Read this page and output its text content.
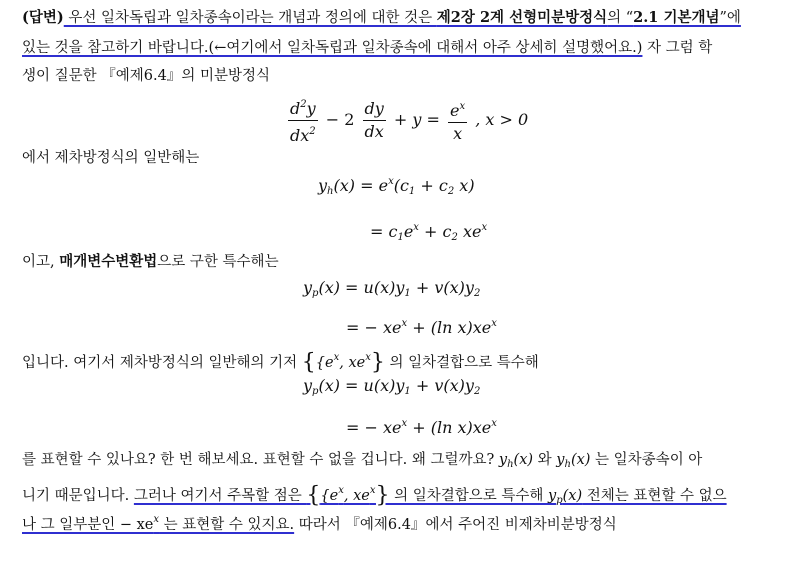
(답변) 우선 일차독립과 일차종속이라는 개념과 정의에 대한 것은 제2장 2계 선형미분방정식의 “2.1 기본개념”에
있는 것을 참고하기 바랍니다.(←여기에서 일차독립과 일차종속에 대해서 아주 상세히 설명했어요.) 자 그럼 학
생이 질문한 『예제6.4』의 미분방정식
$\frac{d^2y}{dx^2} - 2 \frac{dy}{dx} + y = \frac{e^x}{x}$ , x > 0
에서 제차방정식의 일반해는
$y_h(x) = e^x(c_1 + c_2$ x)
= $c_1e^x + c_2$ $xe^x$
이고, 매개변수변환법으로 구한 특수해는
$y_p(x) = u(x)y_1 + v(x)y_2$
= − $xe^x + (\ln$ $x)xe^x$
입니다. 여기서 제차방정식의 일반해의 기저 {{$e^x$, $xe^x$} 의 일차결합으로 특수해
$y_p(x) = u(x)y_1 + v(x)y_2$
= − $xe^x + (\ln$ $x)xe^x$
를 표현할 수 있나요? 한 번 해보세요. 표현할 수 없을 겁니다. 왜 그럴까요? $y_h(x)$ 와 $y_h(x)$ 는 일차종속이 아
니기 때문입니다. 그러나 여기서 주목할 점은 {{$e^x$, $xe^x$} 의 일차결합으로 특수해 $y_p(x)$ 전체는 표현할 수 없으
나 그 일부분인 − $xe^x$ 는 표현할 수 있지요. 따라서 『예제6.4』에서 주어진 비제차비분방정식
